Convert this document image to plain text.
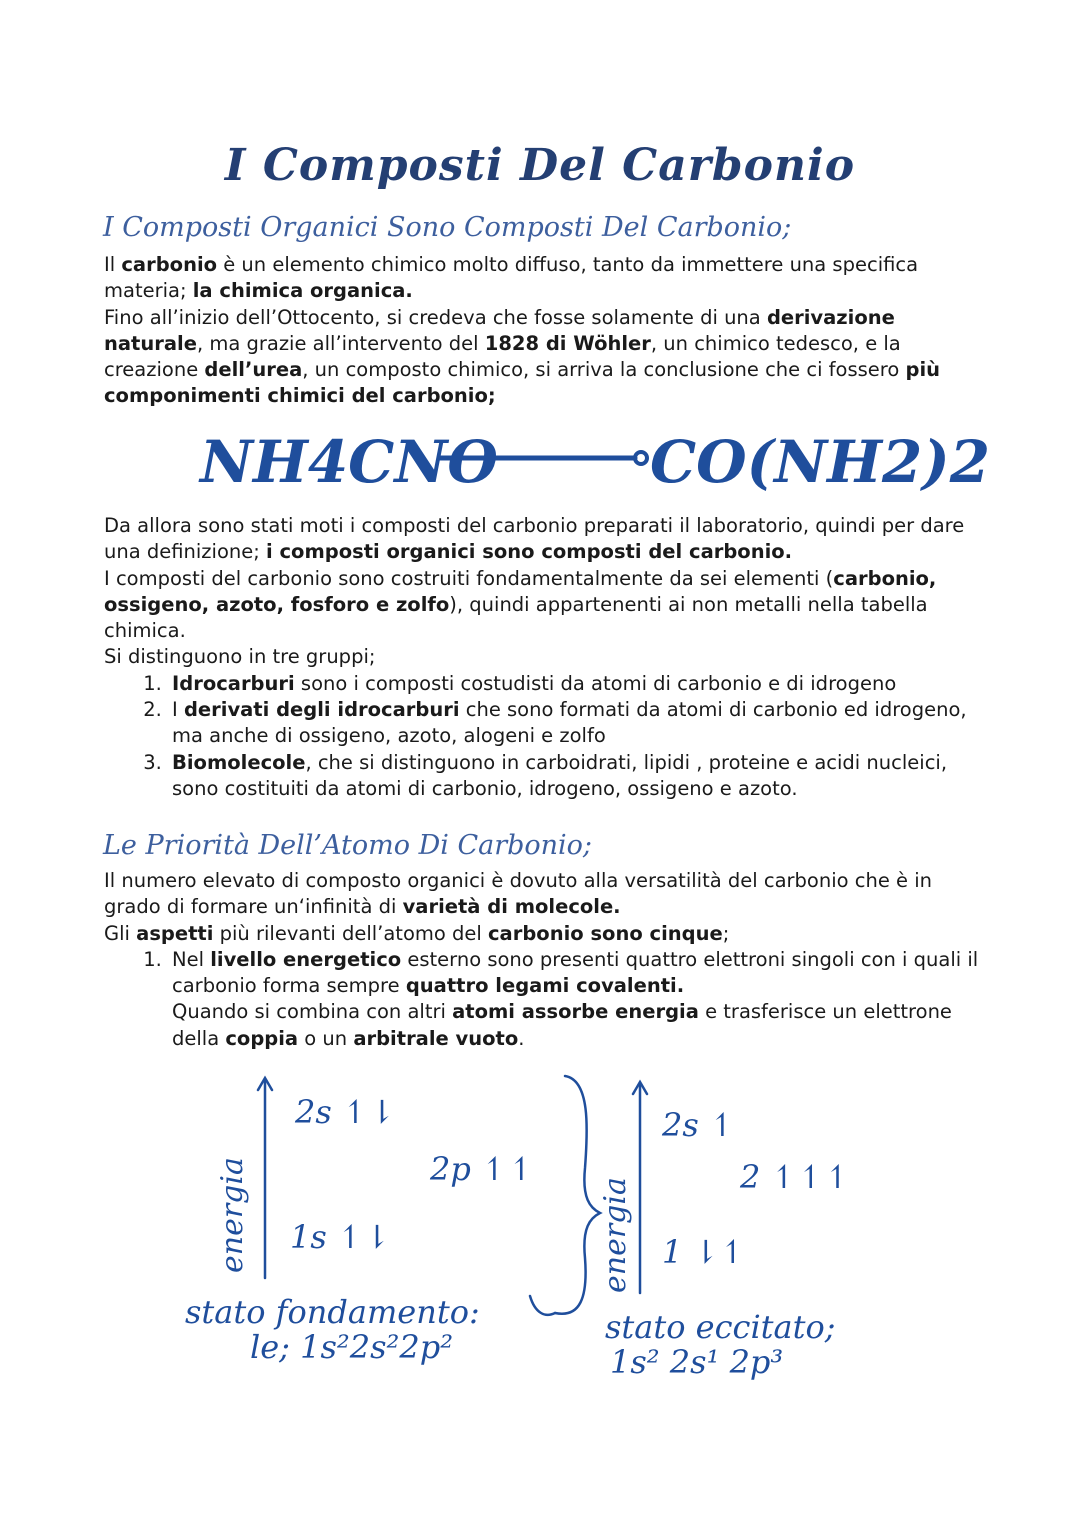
I Composti Del Carbonio
I Composti Organici Sono Composti Del Carbonio;

Il carbonio è un elemento chimico molto diffuso, tanto da immettere una specifica materia; la chimica organica.

Fino all’inizio dell’Ottocento, si credeva che fosse solamente di una derivazione naturale, ma grazie all’intervento del 1828 di Wöhler, un chimico tedesco, e la creazione dell’urea, un composto chimico, si arriva la conclusione che ci fossero più componimenti chimici del carbonio;

NH4CNO	CO(NH2)2

Da allora sono stati moti i composti del carbonio preparati il laboratorio, quindi per dare una definizione; i composti organici sono composti del carbonio.

I composti del carbonio sono costruiti fondamentalmente da sei elementi (carbonio, ossigeno, azoto, fosforo e zolfo), quindi appartenenti ai non metalli nella tabella chimica.

Si distinguono in tre gruppi;

1. Idrocarburi sono i composti costudisti da atomi di carbonio e di idrogeno
2. I derivati degli idrocarburi che sono formati da atomi di carbonio ed idrogeno, ma anche di ossigeno, azoto, alogeni e zolfo
3. Biomolecole, che si distinguono in carboidrati, lipidi , proteine e acidi nucleici, sono costituiti da atomi di carbonio, idrogeno, ossigeno e azoto.
Le Priorità Dell’Atomo Di Carbonio;

Il numero elevato di composto organici è dovuto alla versatilità del carbonio che è in grado di formare un‘infinità di varietà di molecole.

Gli aspetti più rilevanti dell’atomo del carbonio sono cinque;

1. Nel livello energetico esterno sono presenti quattro elettroni singoli con i quali il carbonio forma sempre quattro legami covalenti.
Quando si combina con altri atomi assorbe energia e trasferisce un elettrone della coppia o un arbitrale vuoto.
energia
2s ↿⇂
2p ↿↿
1s ↿⇂
stato fondamento:
le; 1s²2s²2p²
energia
2s ↿
2 ↿↿↿
1 ⇂↿
stato eccitato;
1s² 2s¹ 2p³
